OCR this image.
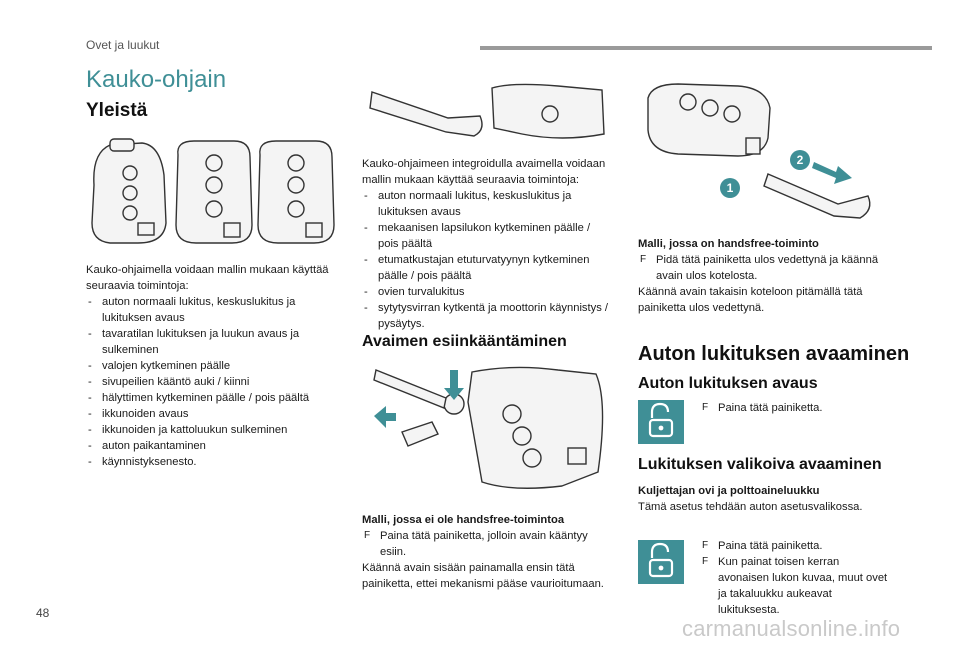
Ovet ja luukut
Kauko-ohjain
Yleistä
Kauko-ohjaimella voidaan mallin mukaan käyttää seuraavia toimintoja:
- auton normaali lukitus, keskuslukitus ja lukituksen avaus
- tavaratilan lukituksen ja luukun avaus ja sulkeminen
- valojen kytkeminen päälle
- sivupeilien kääntö auki / kiinni
- hälyttimen kytkeminen päälle / pois päältä
- ikkunoiden avaus
- ikkunoiden ja kattoluukun sulkeminen
- auton paikantaminen
- käynnistyksenesto.
Kauko-ohjaimeen integroidulla avaimella voidaan mallin mukaan käyttää seuraavia toimintoja:
- auton normaali lukitus, keskuslukitus ja lukituksen avaus
- mekaanisen lapsilukon kytkeminen päälle / pois päältä
- etumatkustajan etuturvatyynyn kytkeminen päälle / pois päältä
- ovien turvalukitus
- sytytysvirran kytkentä ja moottorin käynnistys / pysäytys.
Avaimen esiinkääntäminen
Malli, jossa ei ole handsfree-toimintoa
F Paina tätä painiketta, jolloin avain kääntyy esiin.
Käännä avain sisään painamalla ensin tätä painiketta, ettei mekanismi pääse vaurioitumaan.
1
2
Malli, jossa on handsfree-toiminto
F Pidä tätä painiketta ulos vedettynä ja käännä avain ulos kotelosta.
Käännä avain takaisin koteloon pitämällä tätä painiketta ulos vedettynä.
Auton lukituksen avaaminen
Auton lukituksen avaus
F Paina tätä painiketta.
Lukituksen valikoiva avaaminen
Kuljettajan ovi ja polttoaineluukku
Tämä asetus tehdään auton asetusvalikossa.
F Paina tätä painiketta.
F Kun painat toisen kerran avonaisen lukon kuvaa, muut ovet ja takaluukku aukeavat lukituksesta.
48
carmanualsonline.info
